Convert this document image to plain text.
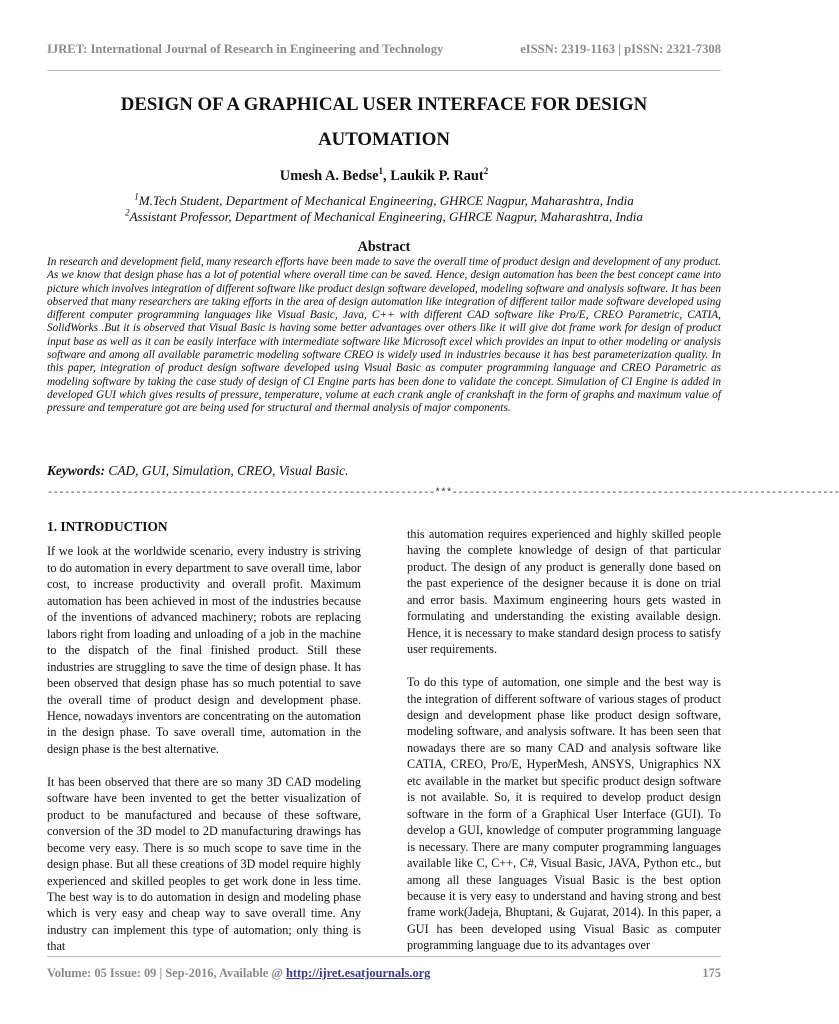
IJRET: International Journal of Research in Engineering and Technology	eISSN: 2319-1163 | pISSN: 2321-7308
DESIGN OF A GRAPHICAL USER INTERFACE FOR DESIGN
AUTOMATION
Umesh A. Bedse$^1$, Laukik P. Raut$^2$
$^1$M.Tech Student, Department of Mechanical Engineering, GHRCE Nagpur, Maharashtra, India
$^2$Assistant Professor, Department of Mechanical Engineering, GHRCE Nagpur, Maharashtra, India
Abstract

In research and development field, many research efforts have been made to save the overall time of product design and development of any product. As we know that design phase has a lot of potential where overall time can be saved. Hence, design automation has been the best concept came into picture which involves integration of different software like product design software developed, modeling software and analysis software. It has been observed that many researchers are taking efforts in the area of design automation like integration of different tailor made software developed using different computer programming languages like Visual Basic, Java, C++ with different CAD software like Pro/E, CREO Parametric, CATIA, SolidWorks .But it is observed that Visual Basic is having some better advantages over others like it will give dot frame work for design of product input base as well as it can be easily interface with intermediate software like Microsoft excel which provides an input to other modeling or analysis software and among all available parametric modeling software CREO is widely used in industries because it has best parameterization quality. In this paper, integration of product design software developed using Visual Basic as computer programming language and CREO Parametric as modeling software by taking the case study of design of CI Engine parts has been done to validate the concept. Simulation of CI Engine is added in developed GUI which gives results of pressure, temperature, volume at each crank angle of crankshaft in the form of graphs and maximum value of pressure and temperature got are being used for structural and thermal analysis of major components.

Keywords: CAD, GUI, Simulation, CREO, Visual Basic.
--------------------------------------------------------------------***--------------------------------------------------------------------
1. INTRODUCTION

If we look at the worldwide scenario, every industry is striving to do automation in every department to save overall time, labor cost, to increase productivity and overall profit. Maximum automation has been achieved in most of the industries because of the inventions of advanced machinery; robots are replacing labors right from loading and unloading of a job in the machine to the dispatch of the final finished product. Still these industries are struggling to save the time of design phase. It has been observed that design phase has so much potential to save the overall time of product design and development phase. Hence, nowadays inventors are concentrating on the automation in the design phase. To save overall time, automation in the design phase is the best alternative.

It has been observed that there are so many 3D CAD modeling software have been invented to get the better visualization of product to be manufactured and because of these software, conversion of the 3D model to 2D manufacturing drawings has become very easy. There is so much scope to save time in the design phase. But all these creations of 3D model require highly experienced and skilled peoples to get work done in less time. The best way is to do automation in design and modeling phase which is very easy and cheap way to save overall time. Any industry can implement this type of automation; only thing is that

this automation requires experienced and highly skilled people having the complete knowledge of design of that particular product. The design of any product is generally done based on the past experience of the designer because it is done on trial and error basis. Maximum engineering hours gets wasted in formulating and understanding the existing available design. Hence, it is necessary to make standard design process to satisfy user requirements.

To do this type of automation, one simple and the best way is the integration of different software of various stages of product design and development phase like product design software, modeling software, and analysis software. It has been seen that nowadays there are so many CAD and analysis software like CATIA, CREO, Pro/E, HyperMesh, ANSYS, Unigraphics NX etc available in the market but specific product design software is not available. So, it is required to develop product design software in the form of a Graphical User Interface (GUI). To develop a GUI, knowledge of computer programming language is necessary. There are many computer programming languages available like C, C++, C#, Visual Basic, JAVA, Python etc., but among all these languages Visual Basic is the best option because it is very easy to understand and having strong and best frame work(Jadeja, Bhuptani, & Gujarat, 2014). In this paper, a GUI has been developed using Visual Basic as computer programming language due to its advantages over

Volume: 05 Issue: 09 | Sep-2016, Available @ http://ijret.esatjournals.org	175
